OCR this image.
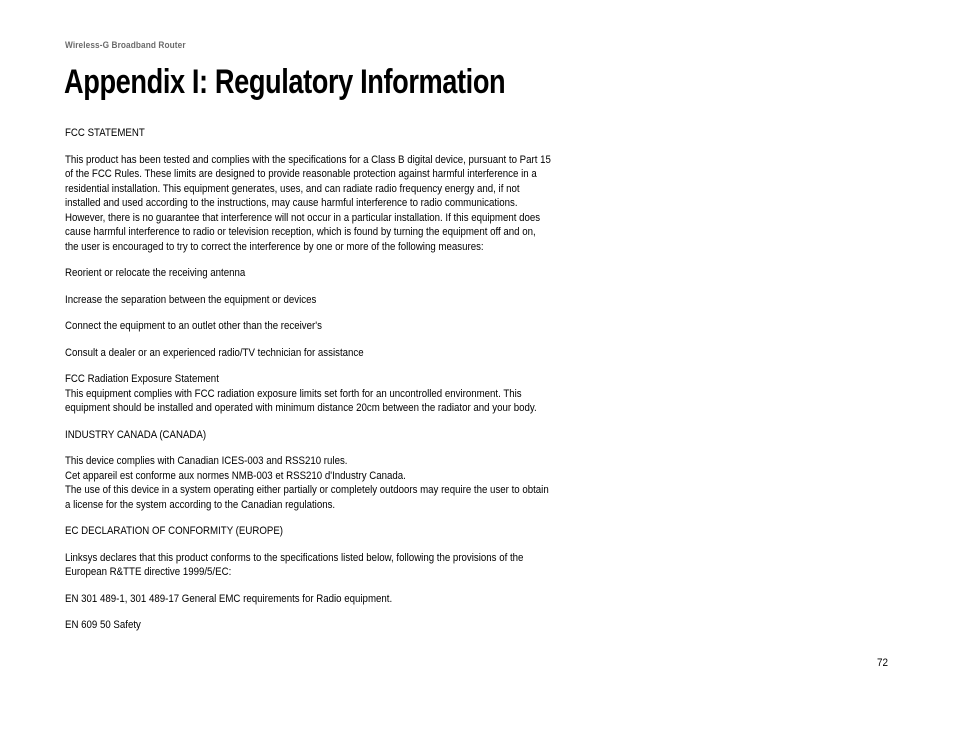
Wireless-G Broadband Router
Appendix I: Regulatory Information

FCC STATEMENT

This product has been tested and complies with the specifications for a Class B digital device, pursuant to Part 15
of the FCC Rules. These limits are designed to provide reasonable protection against harmful interference in a
residential installation. This equipment generates, uses, and can radiate radio frequency energy and, if not
installed and used according to the instructions, may cause harmful interference to radio communications.
However, there is no guarantee that interference will not occur in a particular installation. If this equipment does
cause harmful interference to radio or television reception, which is found by turning the equipment off and on,
the user is encouraged to try to correct the interference by one or more of the following measures:

Reorient or relocate the receiving antenna

Increase the separation between the equipment or devices

Connect the equipment to an outlet other than the receiver's

Consult a dealer or an experienced radio/TV technician for assistance

FCC Radiation Exposure Statement
This equipment complies with FCC radiation exposure limits set forth for an uncontrolled environment. This
equipment should be installed and operated with minimum distance 20cm between the radiator and your body.

INDUSTRY CANADA (CANADA)

This device complies with Canadian ICES-003 and RSS210 rules.
Cet appareil est conforme aux normes NMB-003 et RSS210 d'Industry Canada.
The use of this device in a system operating either partially or completely outdoors may require the user to obtain
a license for the system according to the Canadian regulations.

EC DECLARATION OF CONFORMITY (EUROPE)

Linksys declares that this product conforms to the specifications listed below, following the provisions of the
European R&TTE directive 1999/5/EC:

EN 301 489-1, 301 489-17 General EMC requirements for Radio equipment.

EN 609 50 Safety

72
